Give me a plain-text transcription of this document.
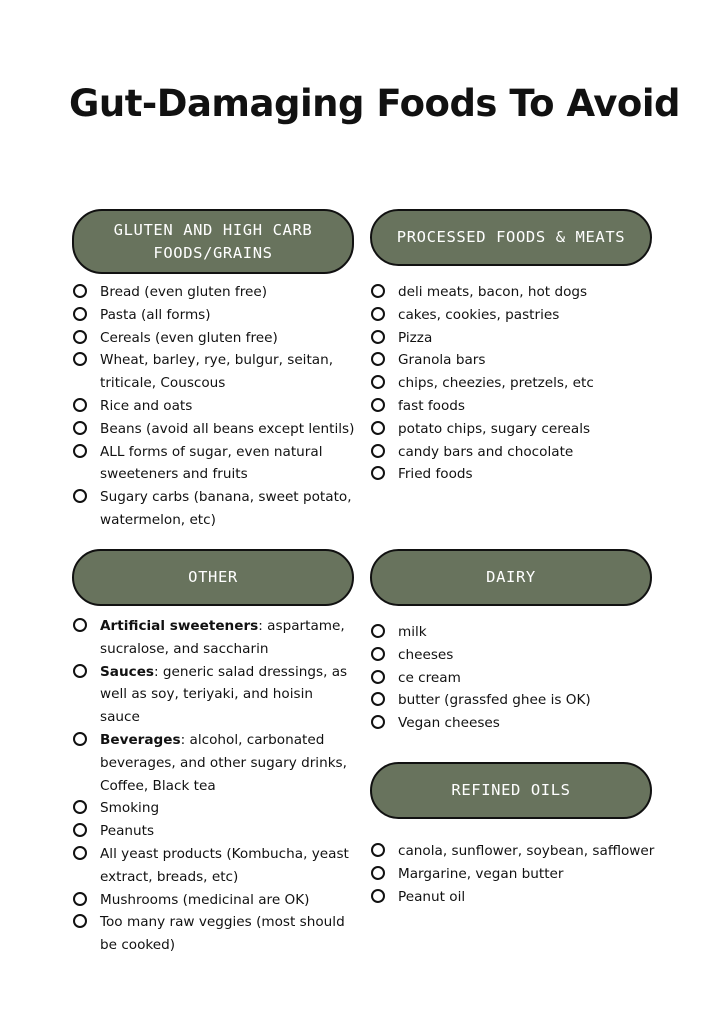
Gut-Damaging Foods To Avoid
GLUTEN AND HIGH CARB
FOODS/GRAINS
Bread (even gluten free)
Pasta (all forms)
Cereals (even gluten free)
Wheat, barley, rye, bulgur, seitan, triticale, Couscous
Rice and oats
Beans (avoid all beans except lentils)
ALL forms of sugar, even natural sweeteners and fruits
Sugary carbs (banana, sweet potato, watermelon, etc)
PROCESSED FOODS & MEATS
deli meats, bacon, hot dogs
cakes, cookies, pastries
Pizza
Granola bars
chips, cheezies, pretzels, etc
fast foods
potato chips, sugary cereals
candy bars and chocolate
Fried foods
OTHER
Artificial sweeteners: aspartame, sucralose, and saccharin
Sauces: generic salad dressings, as well as soy, teriyaki, and hoisin sauce
Beverages: alcohol, carbonated beverages, and other sugary drinks, Coffee, Black tea
Smoking
Peanuts
All yeast products (Kombucha, yeast extract, breads, etc)
Mushrooms (medicinal are OK)
Too many raw veggies (most should be cooked)
DAIRY
milk
cheeses
ce cream
butter (grassfed ghee is OK)
Vegan cheeses
REFINED OILS
canola, sunflower, soybean, safflower
Margarine, vegan butter
Peanut oil
